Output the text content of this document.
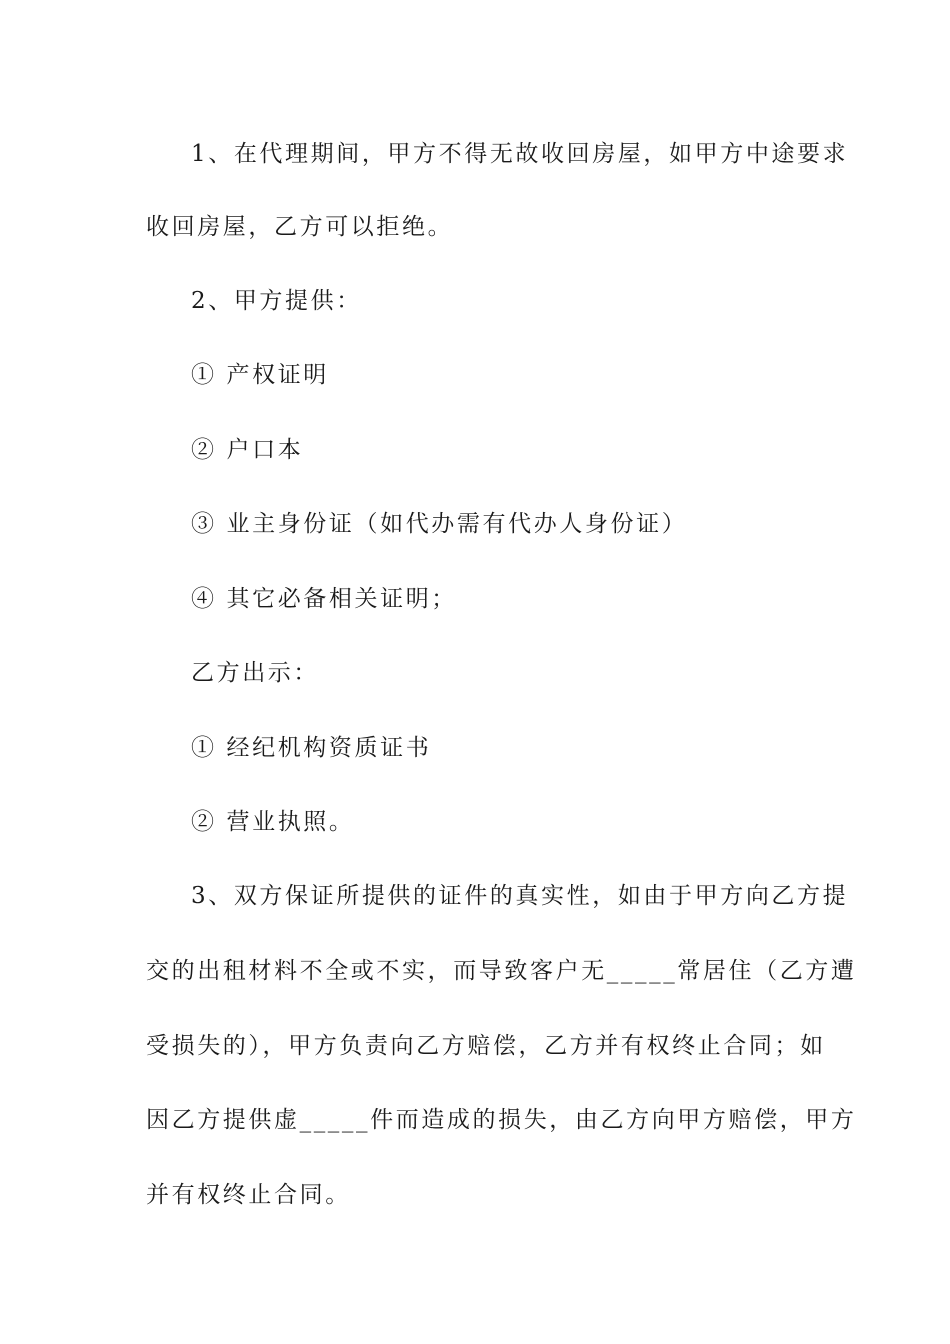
1、在代理期间，甲方不得无故收回房屋，如甲方中途要求
收回房屋，乙方可以拒绝。
2、甲方提供：
① 产权证明
② 户口本
③ 业主身份证（如代办需有代办人身份证）
④ 其它必备相关证明；
乙方出示：
① 经纪机构资质证书
② 营业执照。
3、双方保证所提供的证件的真实性，如由于甲方向乙方提
交的出租材料不全或不实，而导致客户无_____常居住（乙方遭
受损失的），甲方负责向乙方赔偿，乙方并有权终止合同；如
因乙方提供虚_____件而造成的损失，由乙方向甲方赔偿，甲方
并有权终止合同。
